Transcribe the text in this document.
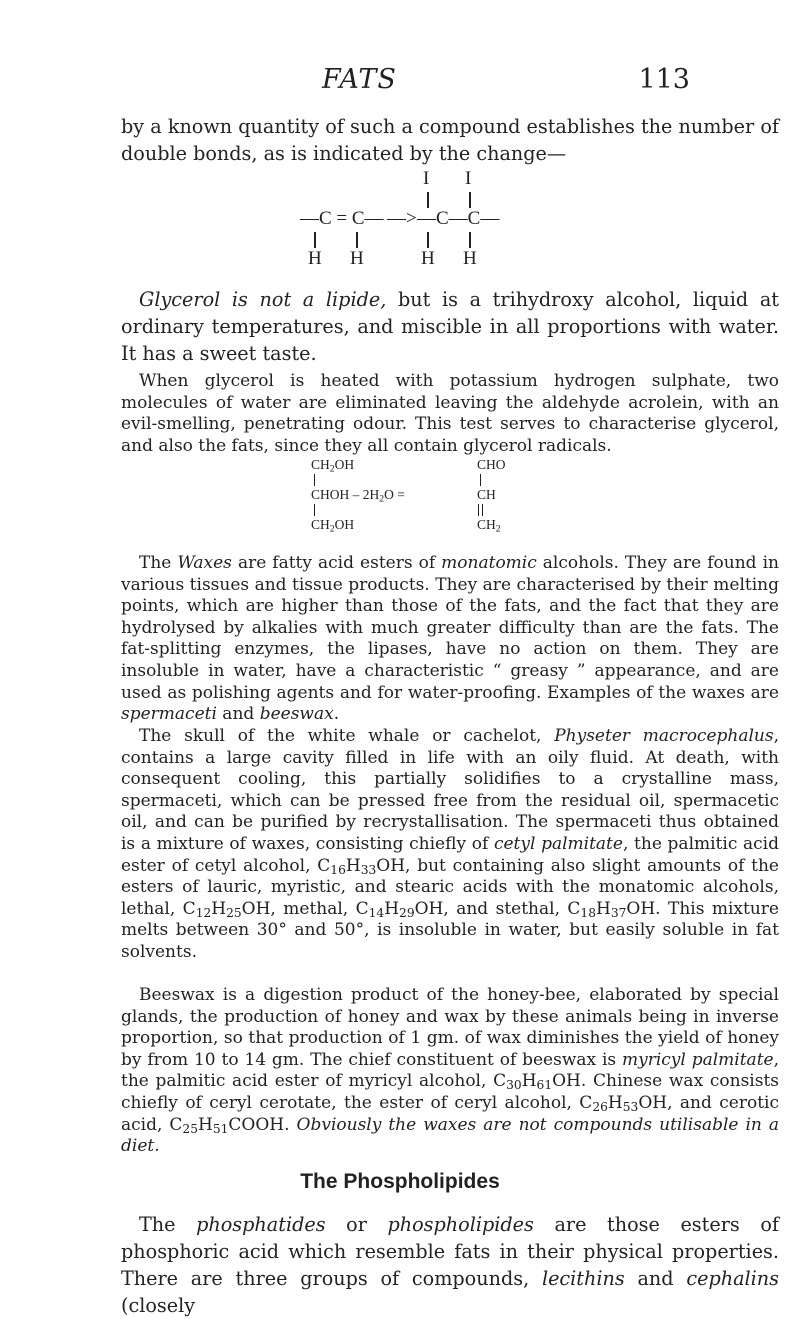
FATS	113

by a known quantity of such a compound establishes the number of double bonds, as is indicated by the change—

I I
—C = C— —> —C—C—
H H	H H

Glycerol is not a lipide, but is a trihydroxy alcohol, liquid at ordinary temperatures, and miscible in all proportions with water. It has a sweet taste.

When glycerol is heated with potassium hydrogen sulphate, two molecules of water are eliminated leaving the aldehyde acrolein, with an evil-smelling, penetrating odour. This test serves to characterise glycerol, and also the fats, since they all contain glycerol radicals.

$CH_2OH$	CHO
CHOH – $2H_2O$ =	CH
$CH_2OH$	$CH_2$

The Waxes are fatty acid esters of monatomic alcohols. They are found in various tissues and tissue products. They are characterised by their melting points, which are higher than those of the fats, and the fact that they are hydrolysed by alkalies with much greater difficulty than are the fats. The fat-splitting enzymes, the lipases, have no action on them. They are insoluble in water, have a characteristic “ greasy ” appearance, and are used as polishing agents and for water-proofing. Examples of the waxes are spermaceti and beeswax.

The skull of the white whale or cachelot, Physeter macrocephalus, contains a large cavity filled in life with an oily fluid. At death, with consequent cooling, this partially solidifies to a crystalline mass, spermaceti, which can be pressed free from the residual oil, spermacetic oil, and can be purified by recrystallisation. The spermaceti thus obtained is a mixture of waxes, consisting chiefly of cetyl palmitate, the palmitic acid ester of cetyl alcohol, $C_{16}H_{33}OH$, but containing also slight amounts of the esters of lauric, myristic, and stearic acids with the monatomic alcohols, lethal, $C_{12}H_{25}OH$, methal, $C_{14}H_{29}OH$, and stethal, $C_{18}H_{37}OH$. This mixture melts between 30° and 50°, is insoluble in water, but easily soluble in fat solvents.

Beeswax is a digestion product of the honey-bee, elaborated by special glands, the production of honey and wax by these animals being in inverse proportion, so that production of 1 gm. of wax diminishes the yield of honey by from 10 to 14 gm. The chief constituent of beeswax is myricyl palmitate, the palmitic acid ester of myricyl alcohol, $C_{30}H_{61}OH$. Chinese wax consists chiefly of ceryl cerotate, the ester of ceryl alcohol, $C_{26}H_{53}OH$, and cerotic acid, $C_{25}H_{51}COOH$. Obviously the waxes are not compounds utilisable in a diet.

The Phospholipides

The phosphatides or phospholipides are those esters of phosphoric acid which resemble fats in their physical properties. There are three groups of compounds, lecithins and cephalins (closely
